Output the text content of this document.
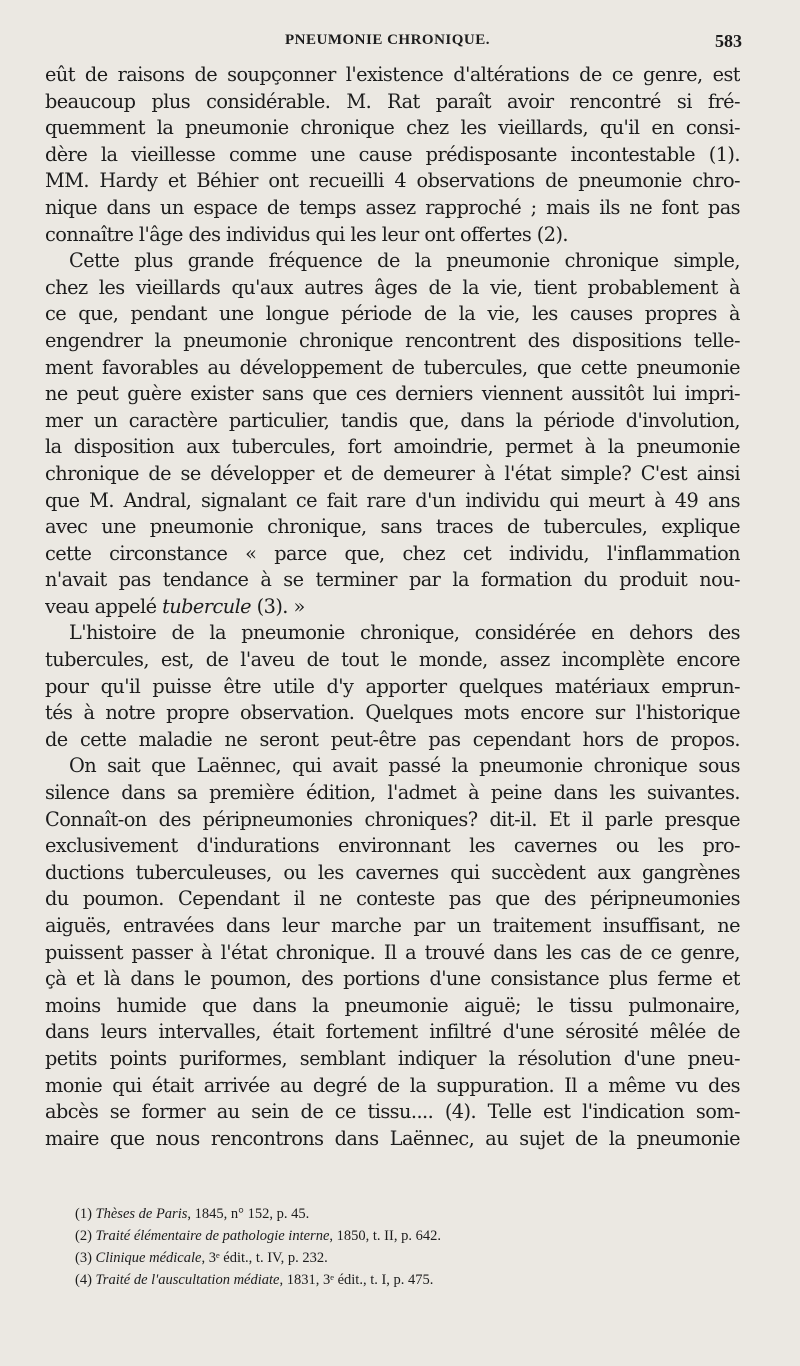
PNEUMONIE CHRONIQUE.	583
eût de raisons de soupçonner l'existence d'altérations de ce genre, est
beaucoup plus considérable. M. Rat paraît avoir rencontré si fré-
quemment la pneumonie chronique chez les vieillards, qu'il en consi-
dère la vieillesse comme une cause prédisposante incontestable (1).
MM. Hardy et Béhier ont recueilli 4 observations de pneumonie chro-
nique dans un espace de temps assez rapproché ; mais ils ne font pas
connaître l'âge des individus qui les leur ont offertes (2).
Cette plus grande fréquence de la pneumonie chronique simple,
chez les vieillards qu'aux autres âges de la vie, tient probablement à
ce que, pendant une longue période de la vie, les causes propres à
engendrer la pneumonie chronique rencontrent des dispositions telle-
ment favorables au développement de tubercules, que cette pneumonie
ne peut guère exister sans que ces derniers viennent aussitôt lui impri-
mer un caractère particulier, tandis que, dans la période d'involution,
la disposition aux tubercules, fort amoindrie, permet à la pneumonie
chronique de se développer et de demeurer à l'état simple? C'est ainsi
que M. Andral, signalant ce fait rare d'un individu qui meurt à 49 ans
avec une pneumonie chronique, sans traces de tubercules, explique
cette circonstance « parce que, chez cet individu, l'inflammation
n'avait pas tendance à se terminer par la formation du produit nou-
veau appelé tubercule (3). »
L'histoire de la pneumonie chronique, considérée en dehors des
tubercules, est, de l'aveu de tout le monde, assez incomplète encore
pour qu'il puisse être utile d'y apporter quelques matériaux emprun-
tés à notre propre observation. Quelques mots encore sur l'historique
de cette maladie ne seront peut-être pas cependant hors de propos.
On sait que Laënnec, qui avait passé la pneumonie chronique sous
silence dans sa première édition, l'admet à peine dans les suivantes.
Connaît-on des péripneumonies chroniques? dit-il. Et il parle presque
exclusivement d'indurations environnant les cavernes ou les pro-
ductions tuberculeuses, ou les cavernes qui succèdent aux gangrènes
du poumon. Cependant il ne conteste pas que des péripneumonies
aiguës, entravées dans leur marche par un traitement insuffisant, ne
puissent passer à l'état chronique. Il a trouvé dans les cas de ce genre,
çà et là dans le poumon, des portions d'une consistance plus ferme et
moins humide que dans la pneumonie aiguë; le tissu pulmonaire,
dans leurs intervalles, était fortement infiltré d'une sérosité mêlée de
petits points puriformes, semblant indiquer la résolution d'une pneu-
monie qui était arrivée au degré de la suppuration. Il a même vu des
abcès se former au sein de ce tissu.... (4). Telle est l'indication som-
maire que nous rencontrons dans Laënnec, au sujet de la pneumonie
(1) Thèses de Paris, 1845, n° 152, p. 45.
(2) Traité élémentaire de pathologie interne, 1850, t. II, p. 642.
(3) Clinique médicale, 3ᵉ édit., t. IV, p. 232.
(4) Traité de l'auscultation médiate, 1831, 3ᵉ édit., t. I, p. 475.
